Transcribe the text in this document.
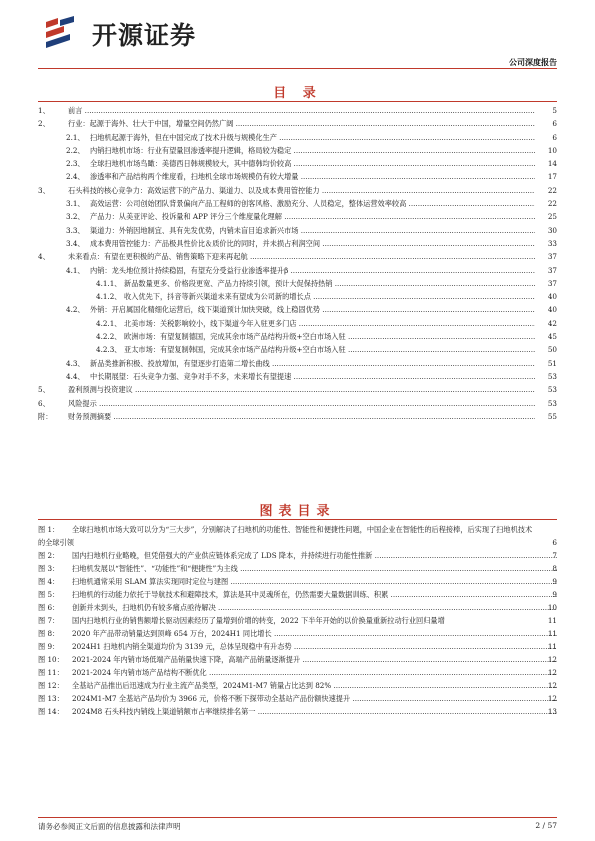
开源证券
公司深度报告
目 录
1、	前言 .....	5
2、	行业：起源于海外、壮大于中国，增量空间仍然广阔 .....	6
2.1、 扫地机起源于海外，但在中国完成了技术升级与规模化生产 .....	6
2.2、 内销扫地机市场：行业有望量回渗透率提升逻辑，格局较为稳定 .....	10
2.3、 全球扫地机市场鸟瞰：美德西日韩规模较大，其中德韩均价较高 .....	14
2.4、 渗透率和产品结构两个维度看，扫地机全球市场规模仍有较大增量 .....	17
3、	石头科技的核心竞争力：高效运营下的产品力、渠道力、以及成本费用管控能力 .....	22
3.1、 高效运营：公司创始团队背景偏向产品工程师的创客风格、激励充分、人员稳定，整体运营效率较高 .....	22
3.2、 产品力：从美亚评论、投诉量和 APP 评分三个维度量化理解 .....	25
3.3、 渠道力：外销因地制宜、具有先发优势，内销未盲目追求新兴市场 .....	30
3.4、 成本费用管控能力：产品极具性价比＆质价比的同时，并未损占利润空间 .....	33
4、	未来看点：有望在更积极的产品、销售策略下迎来再起航 .....	37
4.1、 内销：龙头地位预计持续稳固，有望充分受益行业渗透率提升β .....	37
4.1.1、 新品数量更多、价格段更宽、产品力持续引领，预计大促保持热销 .....	37
4.1.2、 收入优先下，抖音等新兴渠道未来有望成为公司新的增长点 .....	40
4.2、 外销：开启属国化精细化运营后，线下渠道预计加快突破，线上稳固优势 .....	40
4.2.1、 北美市场：关税影响较小，线下渠道今年入驻更多门店 .....	42
4.2.2、 欧洲市场：有望复制德国，完成其余市场产品结构升级+空白市场入驻 .....	45
4.2.3、 亚太市场：有望复制韩国，完成其余市场产品结构升级+空白市场入驻 .....	50
4.3、 新品类推新积极、投放增加，有望逐步打造第二增长曲线 .....	51
4.4、 中长期展望：石头竞争力强、竞争对手不多，未来增长有望提速 .....	53
5、	盈利预测与投资建议 .....	53
6、	风险提示 .....	53
附： 财务预测摘要 .....	55
图表目录
图 1：	全球扫地机市场大致可以分为“三大步”，分别解决了扫地机的功能性、智能性和便捷性问题，中国企业在智能性的后程接棒，后实现了扫地机技术的全球引领	6
图 2：	国内扫地机行业略晚，但凭借强大的产业供应链体系完成了 LDS 降本，并持续进行功能性推新 .....	7
图 3：	扫地机发展以“智能性”、“功能性”和“便捷性”为主线 .....	8
图 4：	扫地机通常采用 SLAM 算法实现同时定位与建图 .....	9
图 5：	扫地机的行动能力依托于导航技术和避障技术，算法是其中灵魂所在，仍然需要大量数据训练、积累 .....	9
图 6：	创新并未到头，扫地机仍有较多痛点亟待解决 .....	10
图 7：	国内扫地机行业的销售额增长驱动因素经历了量增到价增的转变，2022 下半年开始的以价换量重新拉动行业回归量增	11
图 8：	2020 年产品带动销量达到顶峰 654 万台，2024H1 同比增长 .....	11
图 9：	2024H1 扫地机内销全渠道均价为 3139 元，总体呈现稳中有升态势 .....	11
图 10：	2021-2024 年内销市场低端产品销量快速下降，高端产品销量逐渐提升 .....	12
图 11：	2021-2024 年内销市场产品结构不断优化 .....	12
图 12：	全基站产品推出后迅速成为行业主流产品类型，2024M1-M7 销量占比达到 82% .....	12
图 13：	2024M1-M7 全基站产品均价为 3966 元，价格不断下探带动全基站产品份额快速提升 .....	12
图 14：	2024M8 石头科技内销线上渠道销额市占率继续排名第一 .....	13
请务必参阅正文后面的信息披露和法律声明	2 / 57
